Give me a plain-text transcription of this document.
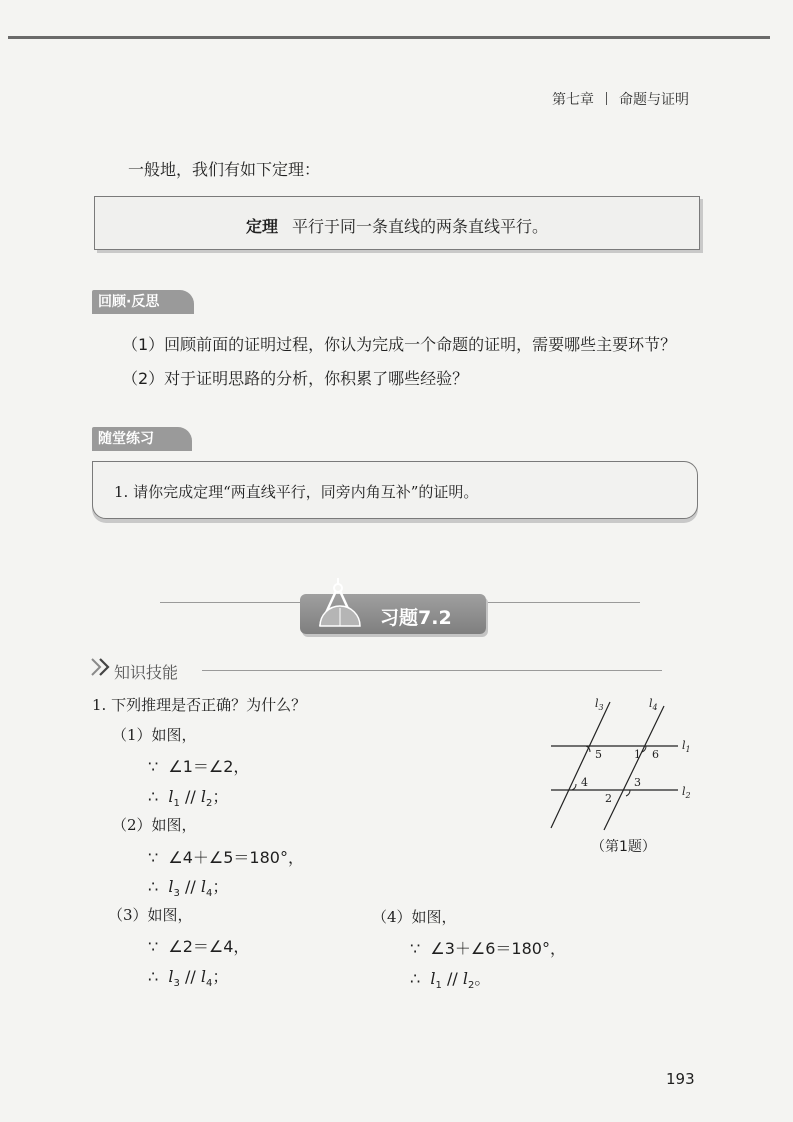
第七章 命题与证明
一般地，我们有如下定理：
定理 平行于同一条直线的两条直线平行。
回顾·反思
（1）回顾前面的证明过程，你认为完成一个命题的证明，需要哪些主要环节？
（2）对于证明思路的分析，你积累了哪些经验？
随堂练习
1. 请你完成定理“两直线平行，同旁内角互补”的证明。
习题7.2
知识技能
1. 下列推理是否正确？为什么？
（1）如图，
∵ ∠1＝∠2，
∴ $l_1 // l_2$；
（2）如图，
∵ ∠4＋∠5＝180°，
∴ $l_3 // l_4$；
（3）如图，
∵ ∠2＝∠4，
∴ $l_3 // l_4$；
（4）如图，
∵ ∠3＋∠6＝180°，
∴ $l_1 // l_2$。
$l_3$	$l_4$
$l_1$
$l_2$
5	1 6
4	3
2
（第1题）
193
